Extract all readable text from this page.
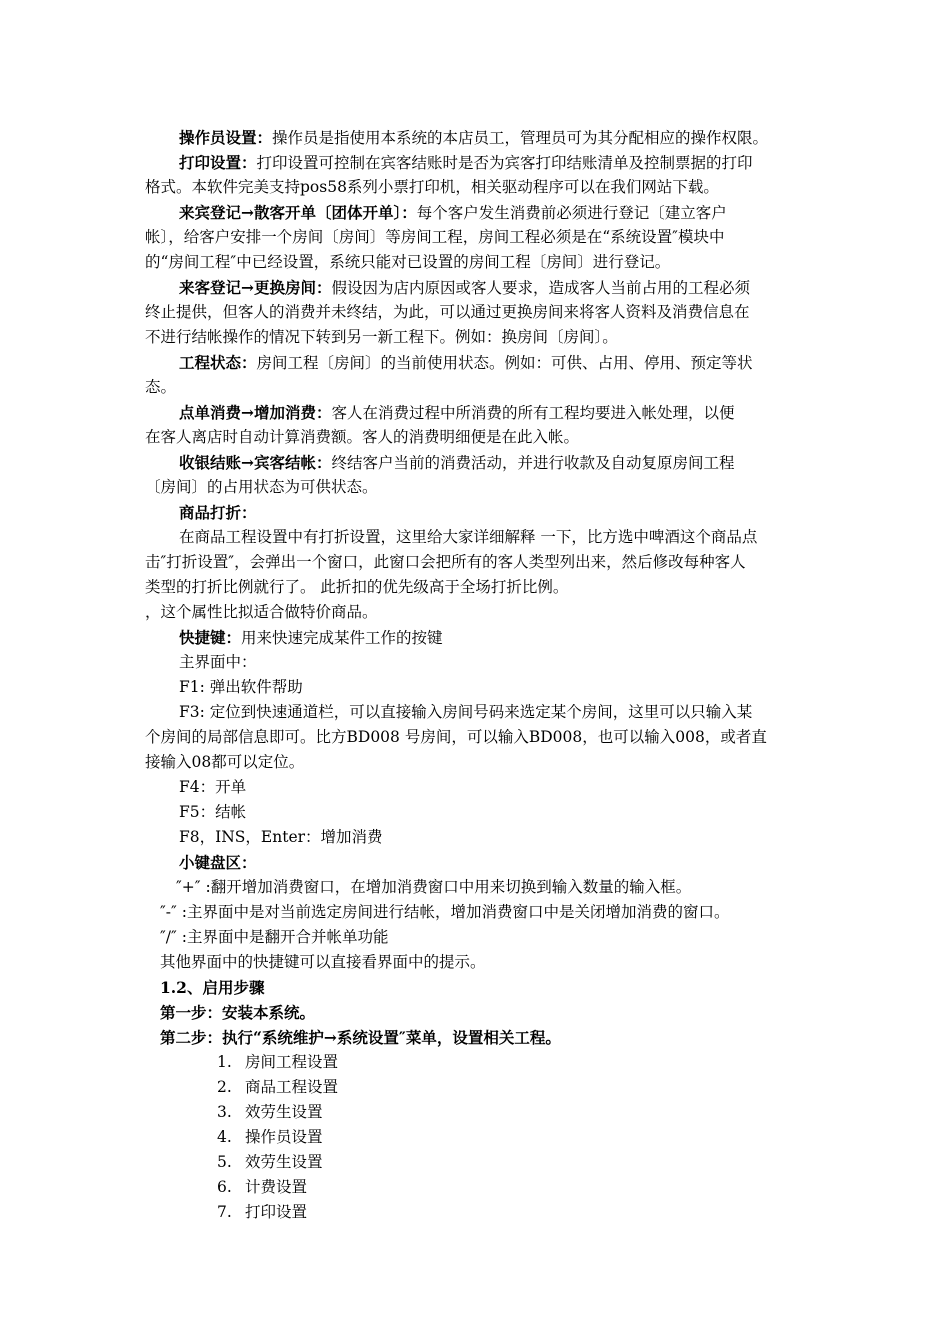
操作员设置：操作员是指使用本系统的本店员工，管理员可为其分配相应的操作权限。
打印设置：打印设置可控制在宾客结账时是否为宾客打印结账清单及控制票据的打印
格式。本软件完美支持pos58系列小票打印机，相关驱动程序可以在我们网站下载。
来宾登记→散客开单〔团体开单〕：每个客户发生消费前必须进行登记〔建立客户
帐〕，给客户安排一个房间〔房间〕等房间工程，房间工程必须是在“系统设置″模块中
的“房间工程″中已经设置，系统只能对已设置的房间工程〔房间〕进行登记。
来客登记→更换房间：假设因为店内原因或客人要求，造成客人当前占用的工程必须
终止提供，但客人的消费并未终结，为此，可以通过更换房间来将客人资料及消费信息在
不进行结帐操作的情况下转到另一新工程下。例如：换房间〔房间〕。
工程状态：房间工程〔房间〕的当前使用状态。例如：可供、占用、停用、预定等状
态。
点单消费→增加消费：客人在消费过程中所消费的所有工程均要进入帐处理，以便
在客人离店时自动计算消费额。客人的消费明细便是在此入帐。
收银结账→宾客结帐：终结客户当前的消费活动，并进行收款及自动复原房间工程
〔房间〕的占用状态为可供状态。
商品打折：
在商品工程设置中有打折设置，这里给大家详细解释 一下，比方选中啤酒这个商品点
击″打折设置″，会弹出一个窗口，此窗口会把所有的客人类型列出来，然后修改每种客人
类型的打折比例就行了。 此折扣的优先级高于全场打折比例。
，这个属性比拟适合做特价商品。
快捷键：用来快速完成某件工作的按键
主界面中：
F1: 弹出软件帮助
F3: 定位到快速通道栏，可以直接输入房间号码来选定某个房间，这里可以只输入某
个房间的局部信息即可。比方BD008 号房间，可以输入BD008，也可以输入008，或者直
接输入08都可以定位。
F4：开单
F5：结帐
F8，INS，Enter：增加消费
小键盘区：
″+″ :翻开增加消费窗口，在增加消费窗口中用来切换到输入数量的输入框。
″-″ :主界面中是对当前选定房间进行结帐，增加消费窗口中是关闭增加消费的窗口。
″/″ :主界面中是翻开合并帐单功能
其他界面中的快捷键可以直接看界面中的提示。
1.2、启用步骤
第一步：安装本系统。
第二步：执行“系统维护→系统设置″菜单，设置相关工程。
1. 房间工程设置
2. 商品工程设置
3. 效劳生设置
4. 操作员设置
5. 效劳生设置
6. 计费设置
7. 打印设置
